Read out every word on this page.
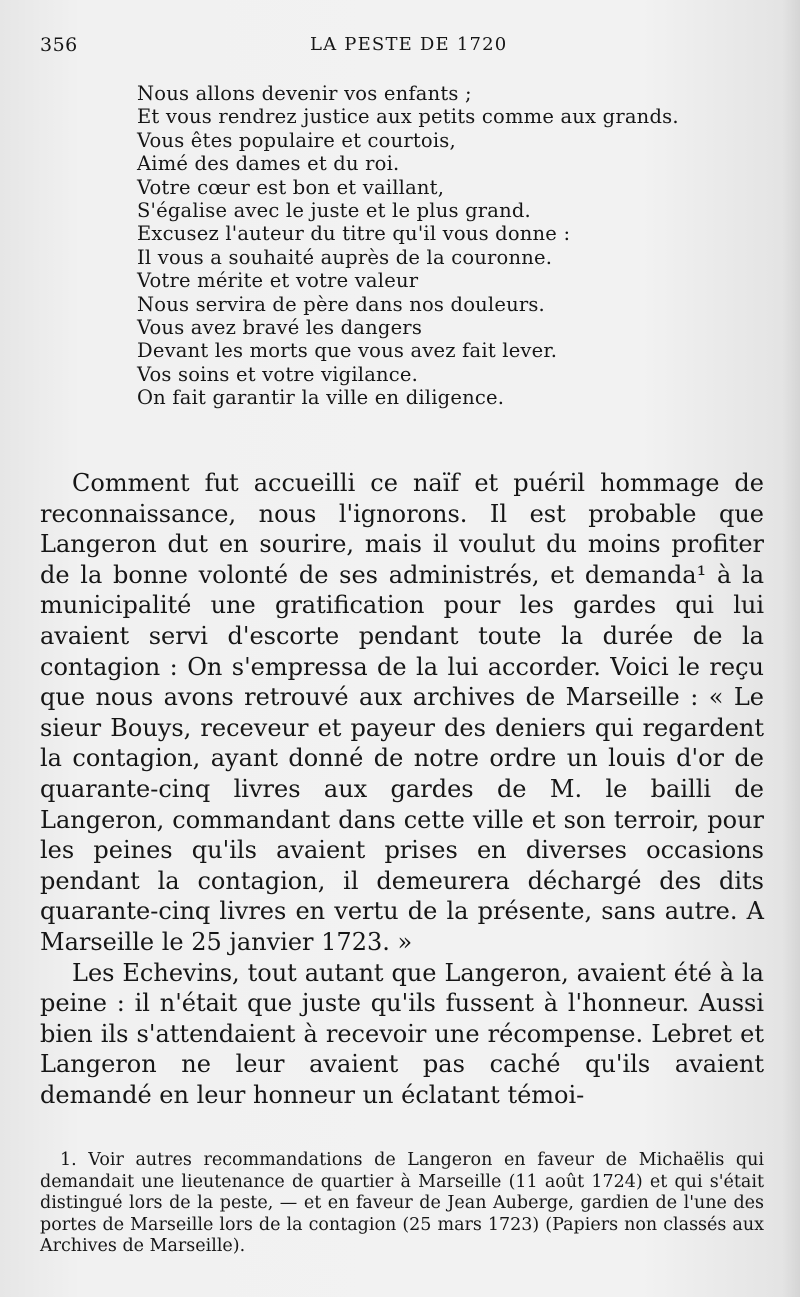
356	LA PESTE DE 1720
Nous allons devenir vos enfants ;
Et vous rendrez justice aux petits comme aux grands.
Vous êtes populaire et courtois,
Aimé des dames et du roi.
Votre cœur est bon et vaillant,
S'égalise avec le juste et le plus grand.
Excusez l'auteur du titre qu'il vous donne :
Il vous a souhaité auprès de la couronne.
Votre mérite et votre valeur
Nous servira de père dans nos douleurs.
Vous avez bravé les dangers
Devant les morts que vous avez fait lever.
Vos soins et votre vigilance.
On fait garantir la ville en diligence.

Comment fut accueilli ce naïf et puéril hommage de reconnaissance, nous l'ignorons. Il est probable que Langeron dut en sourire, mais il voulut du moins profiter de la bonne volonté de ses administrés, et demanda¹ à la municipalité une gratification pour les gardes qui lui avaient servi d'escorte pendant toute la durée de la contagion : On s'empressa de la lui accorder. Voici le reçu que nous avons retrouvé aux archives de Marseille : « Le sieur Bouys, receveur et payeur des deniers qui regardent la contagion, ayant donné de notre ordre un louis d'or de quarante-cinq livres aux gardes de M. le bailli de Langeron, commandant dans cette ville et son terroir, pour les peines qu'ils avaient prises en diverses occasions pendant la contagion, il demeurera déchargé des dits quarante-cinq livres en vertu de la présente, sans autre. A Marseille le 25 janvier 1723. »

Les Echevins, tout autant que Langeron, avaient été à la peine : il n'était que juste qu'ils fussent à l'honneur. Aussi bien ils s'attendaient à recevoir une récompense. Lebret et Langeron ne leur avaient pas caché qu'ils avaient demandé en leur honneur un éclatant témoi-

1. Voir autres recommandations de Langeron en faveur de Michaëlis qui demandait une lieutenance de quartier à Marseille (11 août 1724) et qui s'était distingué lors de la peste, — et en faveur de Jean Auberge, gardien de l'une des portes de Marseille lors de la contagion (25 mars 1723) (Papiers non classés aux Archives de Marseille).
